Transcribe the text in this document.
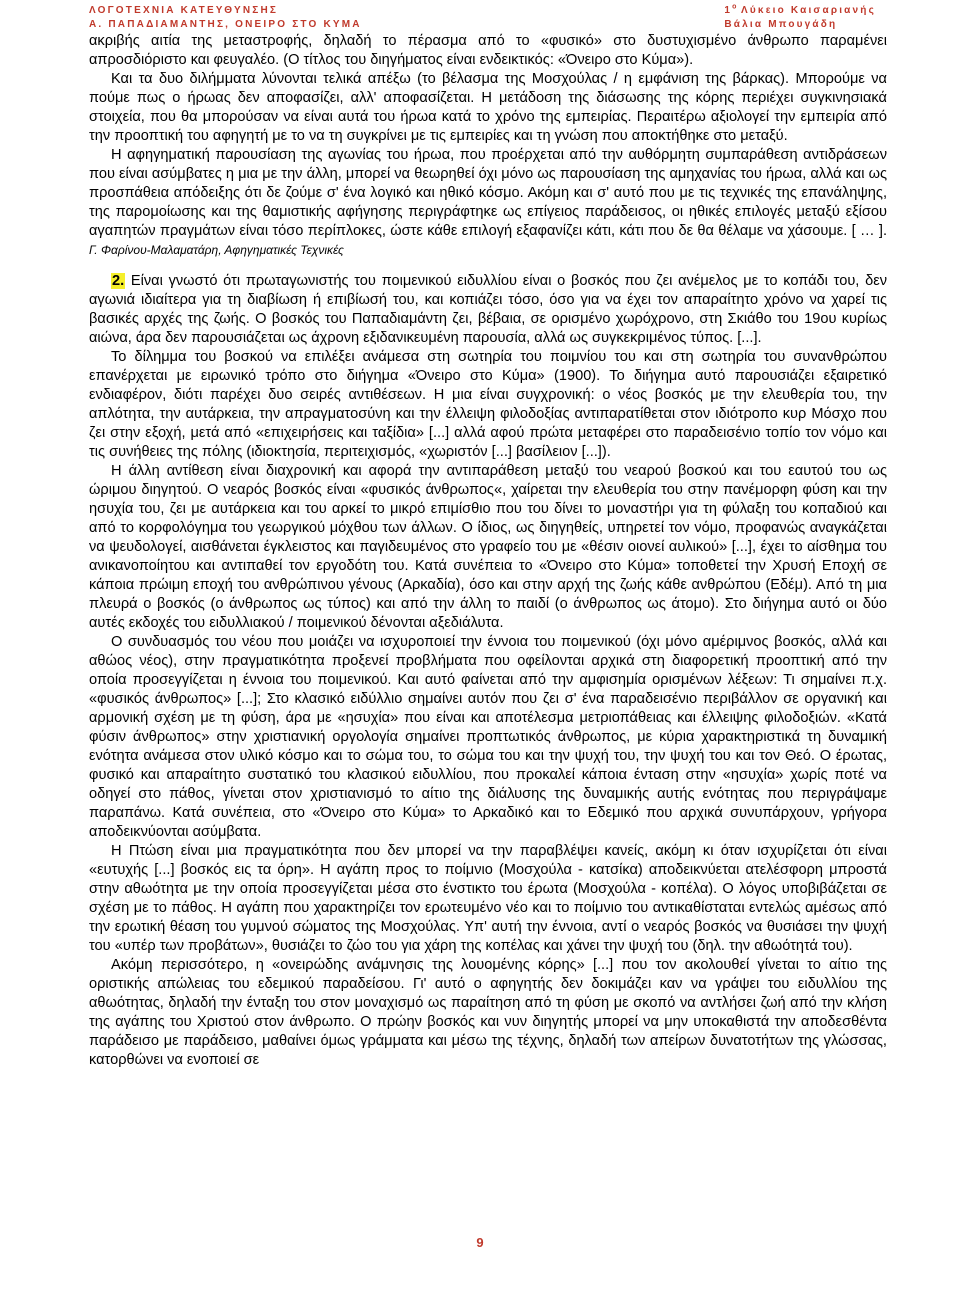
ΛΟΓΟΤΕΧΝΙΑ ΚΑΤΕΥΘΥΝΣΗΣ
Α. ΠΑΠΑΔΙΑΜΑΝΤΗΣ, ΟΝΕΙΡΟ ΣΤΟ ΚΥΜΑ
$1^o$ Λύκειο Καισαριανής
Βάλια Μπουγάδη

ακριβής αιτία της μεταστροφής, δηλαδή το πέρασμα από το «φυσικό» στο δυστυχισμένο άνθρωπο παραμένει απροσδιόριστο και φευγαλέο. (Ο τίτλος του διηγήματος είναι ενδεικτικός: «Όνειρο στο Κύμα»).

Και τα δυο διλήμματα λύνονται τελικά απέξω (το βέλασμα της Μοσχούλας / η εμφάνιση της βάρκας). Μπορούμε να πούμε πως ο ήρωας δεν αποφασίζει, αλλ' αποφασίζεται. Η μετάδοση της διάσωσης της κόρης περιέχει συγκινησιακά στοιχεία, που θα μπορούσαν να είναι αυτά του ήρωα κατά το χρόνο της εμπειρίας. Περαιτέρω αξιολογεί την εμπειρία από την προοπτική του αφηγητή με το να τη συγκρίνει με τις εμπειρίες και τη γνώση που αποκτήθηκε στο μεταξύ.

Η αφηγηματική παρουσίαση της αγωνίας του ήρωα, που προέρχεται από την αυθόρμητη συμπαράθεση αντιδράσεων που είναι ασύμβατες η μια με την άλλη, μπορεί να θεωρηθεί όχι μόνο ως παρουσίαση της αμηχανίας του ήρωα, αλλά και ως προσπάθεια απόδειξης ότι δε ζούμε σ' ένα λογικό και ηθικό κόσμο. Ακόμη και σ' αυτό που με τις τεχνικές της επανάληψης, της παρομοίωσης και της θαμιστικής αφήγησης περιγράφτηκε ως επίγειος παράδεισος, οι ηθικές επιλογές μεταξύ εξίσου αγαπητών πραγμάτων είναι τόσο περίπλοκες, ώστε κάθε επιλογή εξαφανίζει κάτι, κάτι που δε θα θέλαμε να χάσουμε. [ … ]. Γ. Φαρίνου-Μαλαματάρη, Αφηγηματικές Τεχνικές

2. Είναι γνωστό ότι πρωταγωνιστής του ποιμενικού ειδυλλίου είναι ο βοσκός που ζει ανέμελος με το κοπάδι του, δεν αγωνιά ιδιαίτερα για τη διαβίωση ή επιβίωσή του, και κοπιάζει τόσο, όσο για να έχει τον απαραίτητο χρόνο να χαρεί τις βασικές αρχές της ζωής. Ο βοσκός του Παπαδιαμάντη ζει, βέβαια, σε ορισμένο χωρόχρονο, στη Σκιάθο του 19ου κυρίως αιώνα, άρα δεν παρουσιάζεται ως άχρονη εξιδανικευμένη παρουσία, αλλά ως συγκεκριμένος τύπος. [...].

Το δίλημμα του βοσκού να επιλέξει ανάμεσα στη σωτηρία του ποιμνίου του και στη σωτηρία του συνανθρώπου επανέρχεται με ειρωνικό τρόπο στο διήγημα «Όνειρο στο Κύμα» (1900). Το διήγημα αυτό παρουσιάζει εξαιρετικό ενδιαφέρον, διότι παρέχει δυο σειρές αντιθέσεων. Η μια είναι συγχρονική: ο νέος βοσκός με την ελευθερία του, την απλότητα, την αυτάρκεια, την απραγματοσύνη και την έλλειψη φιλοδοξίας αντιπαρατίθεται στον ιδιότροπο κυρ Μόσχο που ζει στην εξοχή, μετά από «επιχειρήσεις και ταξίδια» [...] αλλά αφού πρώτα μεταφέρει στο παραδεισένιο τοπίο τον νόμο και τις συνήθειες της πόλης (ιδιοκτησία, περιτειχισμός, «χωριστόν [...] βασίλειον [...]).

Η άλλη αντίθεση είναι διαχρονική και αφορά την αντιπαράθεση μεταξύ του νεαρού βοσκού και του εαυτού του ως ώριμου διηγητού. Ο νεαρός βοσκός είναι «φυσικός άνθρωπος«, χαίρεται την ελευθερία του στην πανέμορφη φύση και την ησυχία του, ζει με αυτάρκεια και του αρκεί το μικρό επιμίσθιο που του δίνει το μοναστήρι για τη φύλαξη του κοπαδιού και από το κορφολόγημα του γεωργικού μόχθου των άλλων. Ο ίδιος, ως διηγηθείς, υπηρετεί τον νόμο, προφανώς αναγκάζεται να ψευδολογεί, αισθάνεται έγκλειστος και παγιδευμένος στο γραφείο του με «θέσιν οιονεί αυλικού» [...], έχει το αίσθημα του ανικανοποίητου και αντιπαθεί τον εργοδότη του. Κατά συνέπεια το «Όνειρο στο Κύμα» τοποθετεί την Χρυσή Εποχή σε κάποια πρώιμη εποχή του ανθρώπινου γένους (Αρκαδία), όσο και στην αρχή της ζωής κάθε ανθρώπου (Εδέμ). Από τη μια πλευρά ο βοσκός (ο άνθρωπος ως τύπος) και από την άλλη το παιδί (ο άνθρωπος ως άτομο). Στο διήγημα αυτό οι δύο αυτές εκδοχές του ειδυλλιακού / ποιμενικού δένονται αξεδιάλυτα.

Ο συνδυασμός του νέου που μοιάζει να ισχυροποιεί την έννοια του ποιμενικού (όχι μόνο αμέριμνος βοσκός, αλλά και αθώος νέος), στην πραγματικότητα προξενεί προβλήματα που οφείλονται αρχικά στη διαφορετική προοπτική από την οποία προσεγγίζεται η έννοια του ποιμενικού. Και αυτό φαίνεται από την αμφισημία ορισμένων λέξεων: Τι σημαίνει π.χ. «φυσικός άνθρωπος» [...]; Στο κλασικό ειδύλλιο σημαίνει αυτόν που ζει σ' ένα παραδεισένιο περιβάλλον σε οργανική και αρμονική σχέση με τη φύση, άρα με «ησυχία» που είναι και αποτέλεσμα μετριοπάθειας και έλλειψης φιλοδοξιών. «Κατά φύσιν άνθρωπος» στην χριστιανική οργολογία σημαίνει προπτωτικός άνθρωπος, με κύρια χαρακτηριστικά τη δυναμική ενότητα ανάμεσα στον υλικό κόσμο και το σώμα του, το σώμα του και την ψυχή του, την ψυχή του και τον Θεό. Ο έρωτας, φυσικό και απαραίτητο συστατικό του κλασικού ειδυλλίου, που προκαλεί κάποια ένταση στην «ησυχία» χωρίς ποτέ να οδηγεί στο πάθος, γίνεται στον χριστιανισμό το αίτιο της διάλυσης της δυναμικής αυτής ενότητας που περιγράψαμε παραπάνω. Κατά συνέπεια, στο «Όνειρο στο Κύμα» το Αρκαδικό και το Εδεμικό που αρχικά συνυπάρχουν, γρήγορα αποδεικνύονται ασύμβατα.

Η Πτώση είναι μια πραγματικότητα που δεν μπορεί να την παραβλέψει κανείς, ακόμη κι όταν ισχυρίζεται ότι είναι «ευτυχής [...] βοσκός εις τα όρη». Η αγάπη προς το ποίμνιο (Μοσχούλα - κατσίκα) αποδεικνύεται ατελέσφορη μπροστά στην αθωότητα με την οποία προσεγγίζεται μέσα στο ένστικτο του έρωτα (Μοσχούλα - κοπέλα). Ο λόγος υποβιβάζεται σε σχέση με το πάθος. Η αγάπη που χαρακτηρίζει τον ερωτευμένο νέο και το ποίμνιο του αντικαθίσταται εντελώς αμέσως από την ερωτική θέαση του γυμνού σώματος της Μοσχούλας. Υπ' αυτή την έννοια, αντί ο νεαρός βοσκός να θυσιάσει την ψυχή του «υπέρ των προβάτων», θυσιάζει το ζώο του για χάρη της κοπέλας και χάνει την ψυχή του (δηλ. την αθωότητά του).

Ακόμη περισσότερο, η «ονειρώδης ανάμνησις της λουομένης κόρης» [...] που τον ακολουθεί γίνεται το αίτιο της οριστικής απώλειας του εδεμικού παραδείσου. Γι' αυτό ο αφηγητής δεν δοκιμάζει καν να γράψει του ειδυλλίου της αθωότητας, δηλαδή την ένταξη του στον μοναχισμό ως παραίτηση από τη φύση με σκοπό να αντλήσει ζωή από την κλήση της αγάπης του Χριστού στον άνθρωπο. Ο πρώην βοσκός και νυν διηγητής μπορεί να μην υποκαθιστά την αποδεσθέντα παράδεισο με παράδεισο, μαθαίνει όμως γράμματα και μέσω της τέχνης, δηλαδή των απείρων δυνατοτήτων της γλώσσας, κατορθώνει να ενοποιεί σε

9
